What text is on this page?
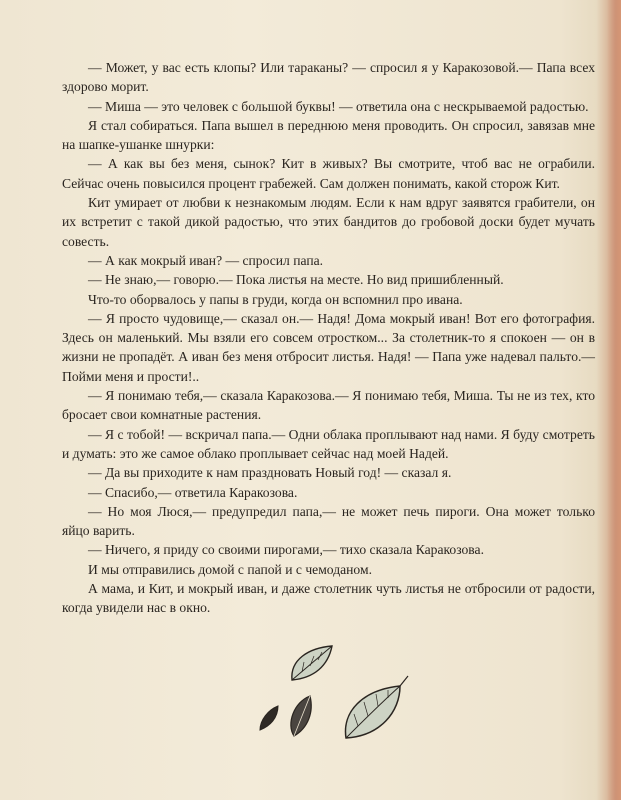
— Может, у вас есть клопы? Или тараканы? — спросил я у Каракозовой.— Папа всех здорово морит.

— Миша — это человек с большой буквы! — ответила она с нескрываемой радостью.

Я стал собираться. Папа вышел в переднюю меня проводить. Он спросил, завязав мне на шапке-ушанке шнурки:

— А как вы без меня, сынок? Кит в живых? Вы смотрите, чтоб вас не ограбили. Сейчас очень повысился процент грабежей. Сам должен понимать, какой сторож Кит.

Кит умирает от любви к незнакомым людям. Если к нам вдруг заявятся грабители, он их встретит с такой дикой радостью, что этих бандитов до гробовой доски будет мучать совесть.

— А как мокрый иван? — спросил папа.

— Не знаю,— говорю.— Пока листья на месте. Но вид пришибленный.

Что-то оборвалось у папы в груди, когда он вспомнил про ивана.

— Я просто чудовище,— сказал он.— Надя! Дома мокрый иван! Вот его фотография. Здесь он маленький. Мы взяли его совсем отростком... За столетник-то я спокоен — он в жизни не пропадёт. А иван без меня отбросит листья. Надя! — Папа уже надевал пальто.— Пойми меня и прости!..

— Я понимаю тебя,— сказала Каракозова.— Я понимаю тебя, Миша. Ты не из тех, кто бросает свои комнатные растения.

— Я с тобой! — вскричал папа.— Одни облака проплывают над нами. Я буду смотреть и думать: это же самое облако проплывает сейчас над моей Надей.

— Да вы приходите к нам праздновать Новый год! — сказал я.

— Спасибо,— ответила Каракозова.

— Но моя Люся,— предупредил папа,— не может печь пироги. Она может только яйцо варить.

— Ничего, я приду со своими пирогами,— тихо сказала Каракозова.

И мы отправились домой с папой и с чемоданом.

А мама, и Кит, и мокрый иван, и даже столетник чуть листья не отбросили от радости, когда увидели нас в окно.
